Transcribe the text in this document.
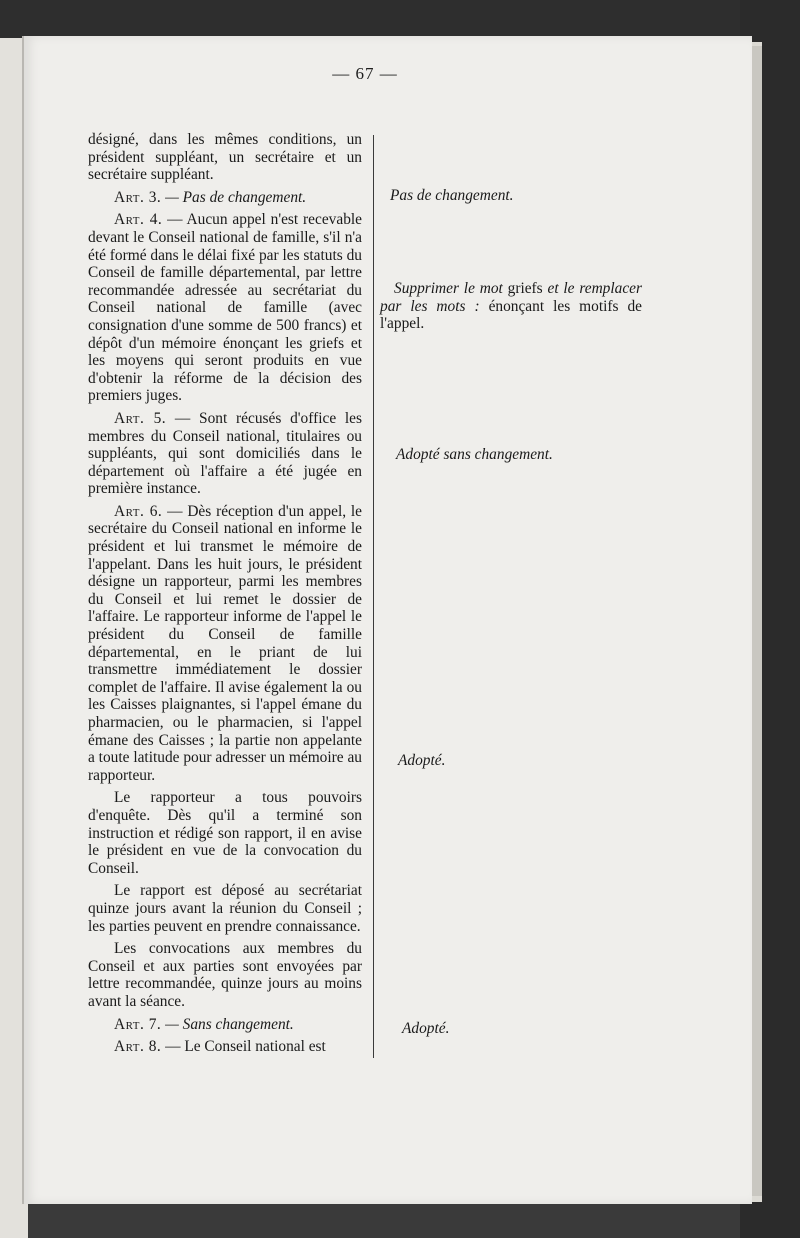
— 67 —

désigné, dans les mêmes conditions, un président suppléant, un secrétaire et un secrétaire suppléant.

Art. 3. — Pas de changement.

Art. 4. — Aucun appel n'est recevable devant le Conseil national de famille, s'il n'a été formé dans le délai fixé par les statuts du Conseil de famille départemental, par lettre recommandée adressée au secrétariat du Conseil national de famille (avec consignation d'une somme de 500 francs) et dépôt d'un mémoire énonçant les griefs et les moyens qui seront produits en vue d'obtenir la réforme de la décision des premiers juges.

Art. 5. — Sont récusés d'office les membres du Conseil national, titulaires ou suppléants, qui sont domiciliés dans le département où l'affaire a été jugée en première instance.

Art. 6. — Dès réception d'un appel, le secrétaire du Conseil national en informe le président et lui transmet le mémoire de l'appelant. Dans les huit jours, le président désigne un rapporteur, parmi les membres du Conseil et lui remet le dossier de l'affaire. Le rapporteur informe de l'appel le président du Conseil de famille départemental, en le priant de lui transmettre immédiatement le dossier complet de l'affaire. Il avise également la ou les Caisses plaignantes, si l'appel émane du pharmacien, ou le pharmacien, si l'appel émane des Caisses ; la partie non appelante a toute latitude pour adresser un mémoire au rapporteur.

Le rapporteur a tous pouvoirs d'enquête. Dès qu'il a terminé son instruction et rédigé son rapport, il en avise le président en vue de la convocation du Conseil.

Le rapport est déposé au secrétariat quinze jours avant la réunion du Conseil ; les parties peuvent en prendre connaissance.

Les convocations aux membres du Conseil et aux parties sont envoyées par lettre recommandée, quinze jours au moins avant la séance.

Art. 7. — Sans changement.

Art. 8. — Le Conseil national est

Pas de changement.

Supprimer le mot griefs et le remplacer par les mots : énonçant les motifs de l'appel.

Adopté sans changement.

Adopté.

Adopté.
